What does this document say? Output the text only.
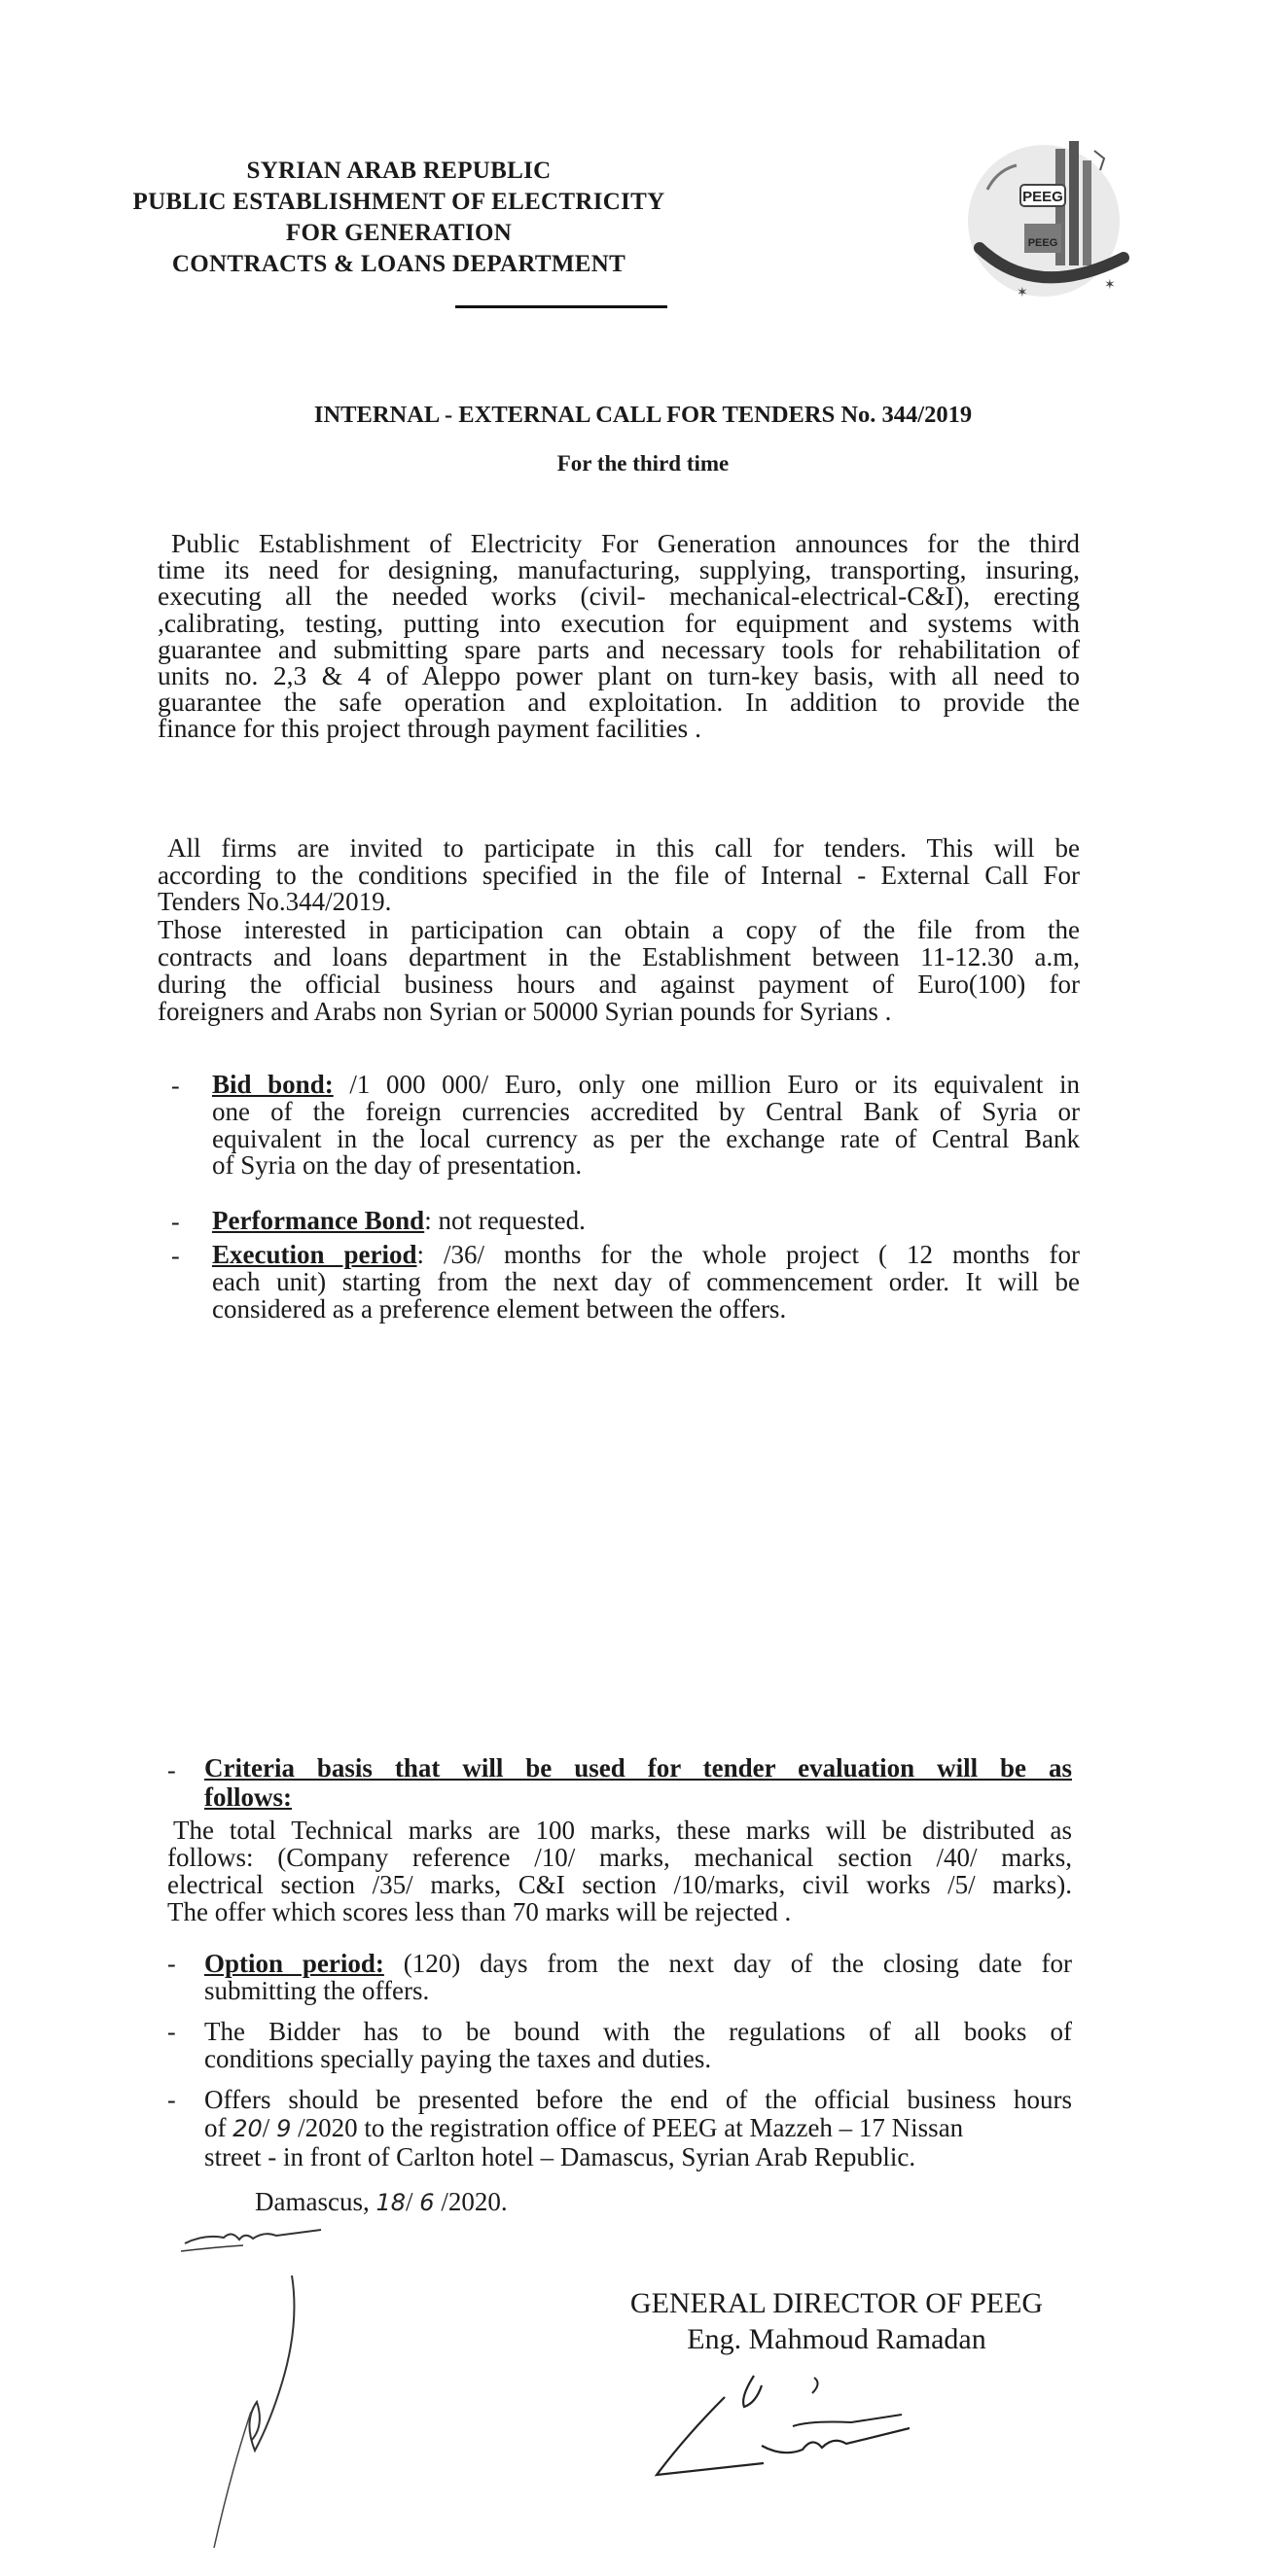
SYRIAN ARAB REPUBLIC
PUBLIC ESTABLISHMENT OF ELECTRICITY
FOR GENERATION
CONTRACTS & LOANS DEPARTMENT
PEEG
PEEG
✶
✶
INTERNAL - EXTERNAL CALL FOR TENDERS No. 344/2019
For the third time
Public Establishment of Electricity For Generation announces for the third
time its need for designing, manufacturing, supplying, transporting, insuring,
executing all the needed works (civil- mechanical-electrical-C&I), erecting
,calibrating, testing, putting into execution for equipment and systems with
guarantee and submitting spare parts and necessary tools for rehabilitation of
units no. 2,3 & 4 of Aleppo power plant on turn-key basis, with all need to
guarantee the safe operation and exploitation. In addition to provide the
finance for this project through payment facilities .
All firms are invited to participate in this call for tenders. This will be
according to the conditions specified in the file of Internal - External Call For
Tenders No.344/2019.
Those interested in participation can obtain a copy of the file from the
contracts and loans department in the Establishment between 11-12.30 a.m,
during the official business hours and against payment of Euro(100) for
foreigners and Arabs non Syrian or 50000 Syrian pounds for Syrians .
- Bid bond: /1 000 000/ Euro, only one million Euro or its equivalent in
one of the foreign currencies accredited by Central Bank of Syria or
equivalent in the local currency as per the exchange rate of Central Bank
of Syria on the day of presentation.
- Performance Bond: not requested.
- Execution period: /36/ months for the whole project ( 12 months for
each unit) starting from the next day of commencement order. It will be
considered as a preference element between the offers.
- Criteria basis that will be used for tender evaluation will be as
follows:
The total Technical marks are 100 marks, these marks will be distributed as
follows: (Company reference /10/ marks, mechanical section /40/ marks,
electrical section /35/ marks, C&I section /10/marks, civil works /5/ marks).
The offer which scores less than 70 marks will be rejected .
- Option period: (120) days from the next day of the closing date for
submitting the offers.
- The Bidder has to be bound with the regulations of all books of
conditions specially paying the taxes and duties.
- Offers should be presented before the end of the official business hours
of 20/ 9 /2020 to the registration office of PEEG at Mazzeh – 17 Nissan
street - in front of Carlton hotel – Damascus, Syrian Arab Republic.
Damascus, 18/ 6 /2020.
GENERAL DIRECTOR OF PEEG
Eng. Mahmoud Ramadan
